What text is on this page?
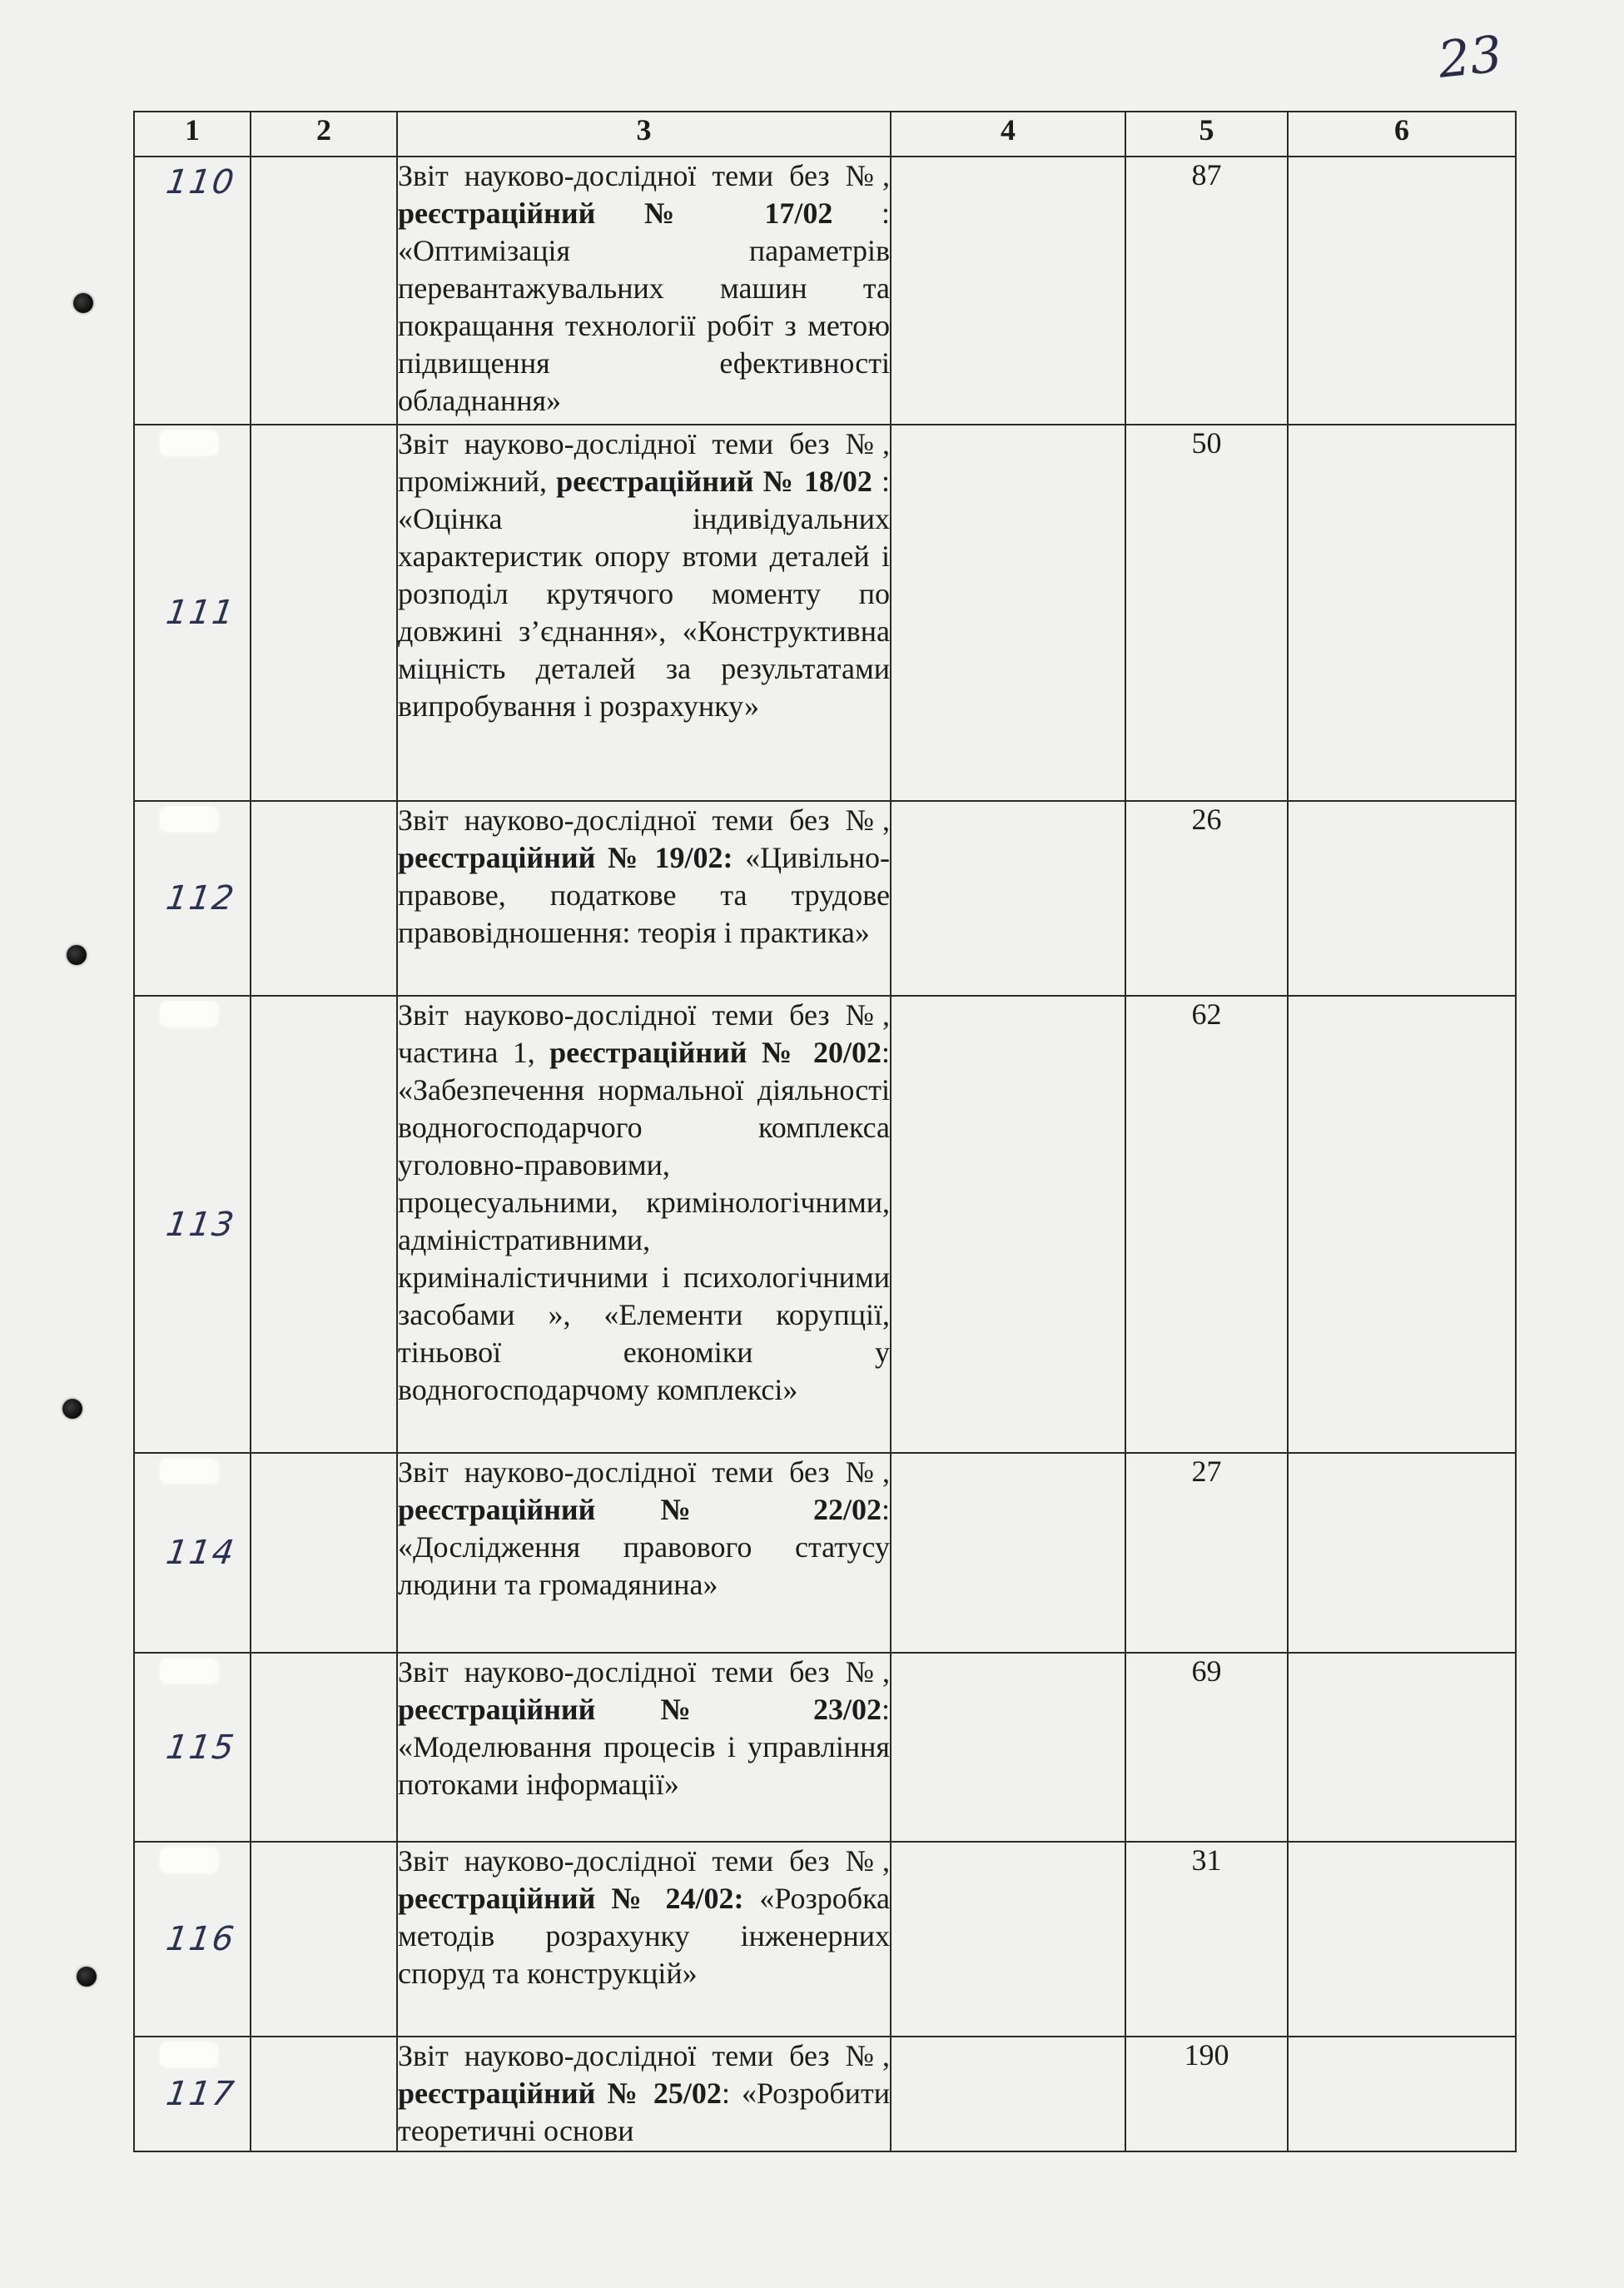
23
1	2	3	4	5	6

110		Звіт науково-дослідної теми без №, реєстраційний № 17/02 : «Оптимізація параметрів перевантажувальних машин та покращання технології робіт з метою підвищення ефективності обладнання»		87	

111		Звіт науково-дослідної теми без №, проміжний, реєстраційний № 18/02 : «Оцінка індивідуальних характеристик опору втоми деталей і розподіл крутячого моменту по довжині з’єднання», «Конструктивна міцність деталей за результатами випробування і розрахунку»		50	

112		Звіт науково-дослідної теми без №, реєстраційний № 19/02: «Цивільно-правове, податкове та трудове правовідношення: теорія і практика»		26	

113		Звіт науково-дослідної теми без №, частина 1, реєстраційний № 20/02: «Забезпечення нормальної діяльності водногосподарчого комплекса уголовно-правовими, процесуальними, кримінологічними, адміністративними, криміналістичними і психологічними засобами », «Елементи корупції, тіньової економіки у водногосподарчому комплексі»		62	

114		Звіт науково-дослідної теми без №, реєстраційний № 22/02: «Дослідження правового статусу людини та громадянина»		27	

115		Звіт науково-дослідної теми без №, реєстраційний № 23/02: «Моделювання процесів і управління потоками інформації»		69	

116		Звіт науково-дослідної теми без №, реєстраційний № 24/02: «Розробка методів розрахунку інженерних споруд та конструкцій»		31	

117		Звіт науково-дослідної теми без №, реєстраційний № 25/02: «Розробити теоретичні основи		190	
